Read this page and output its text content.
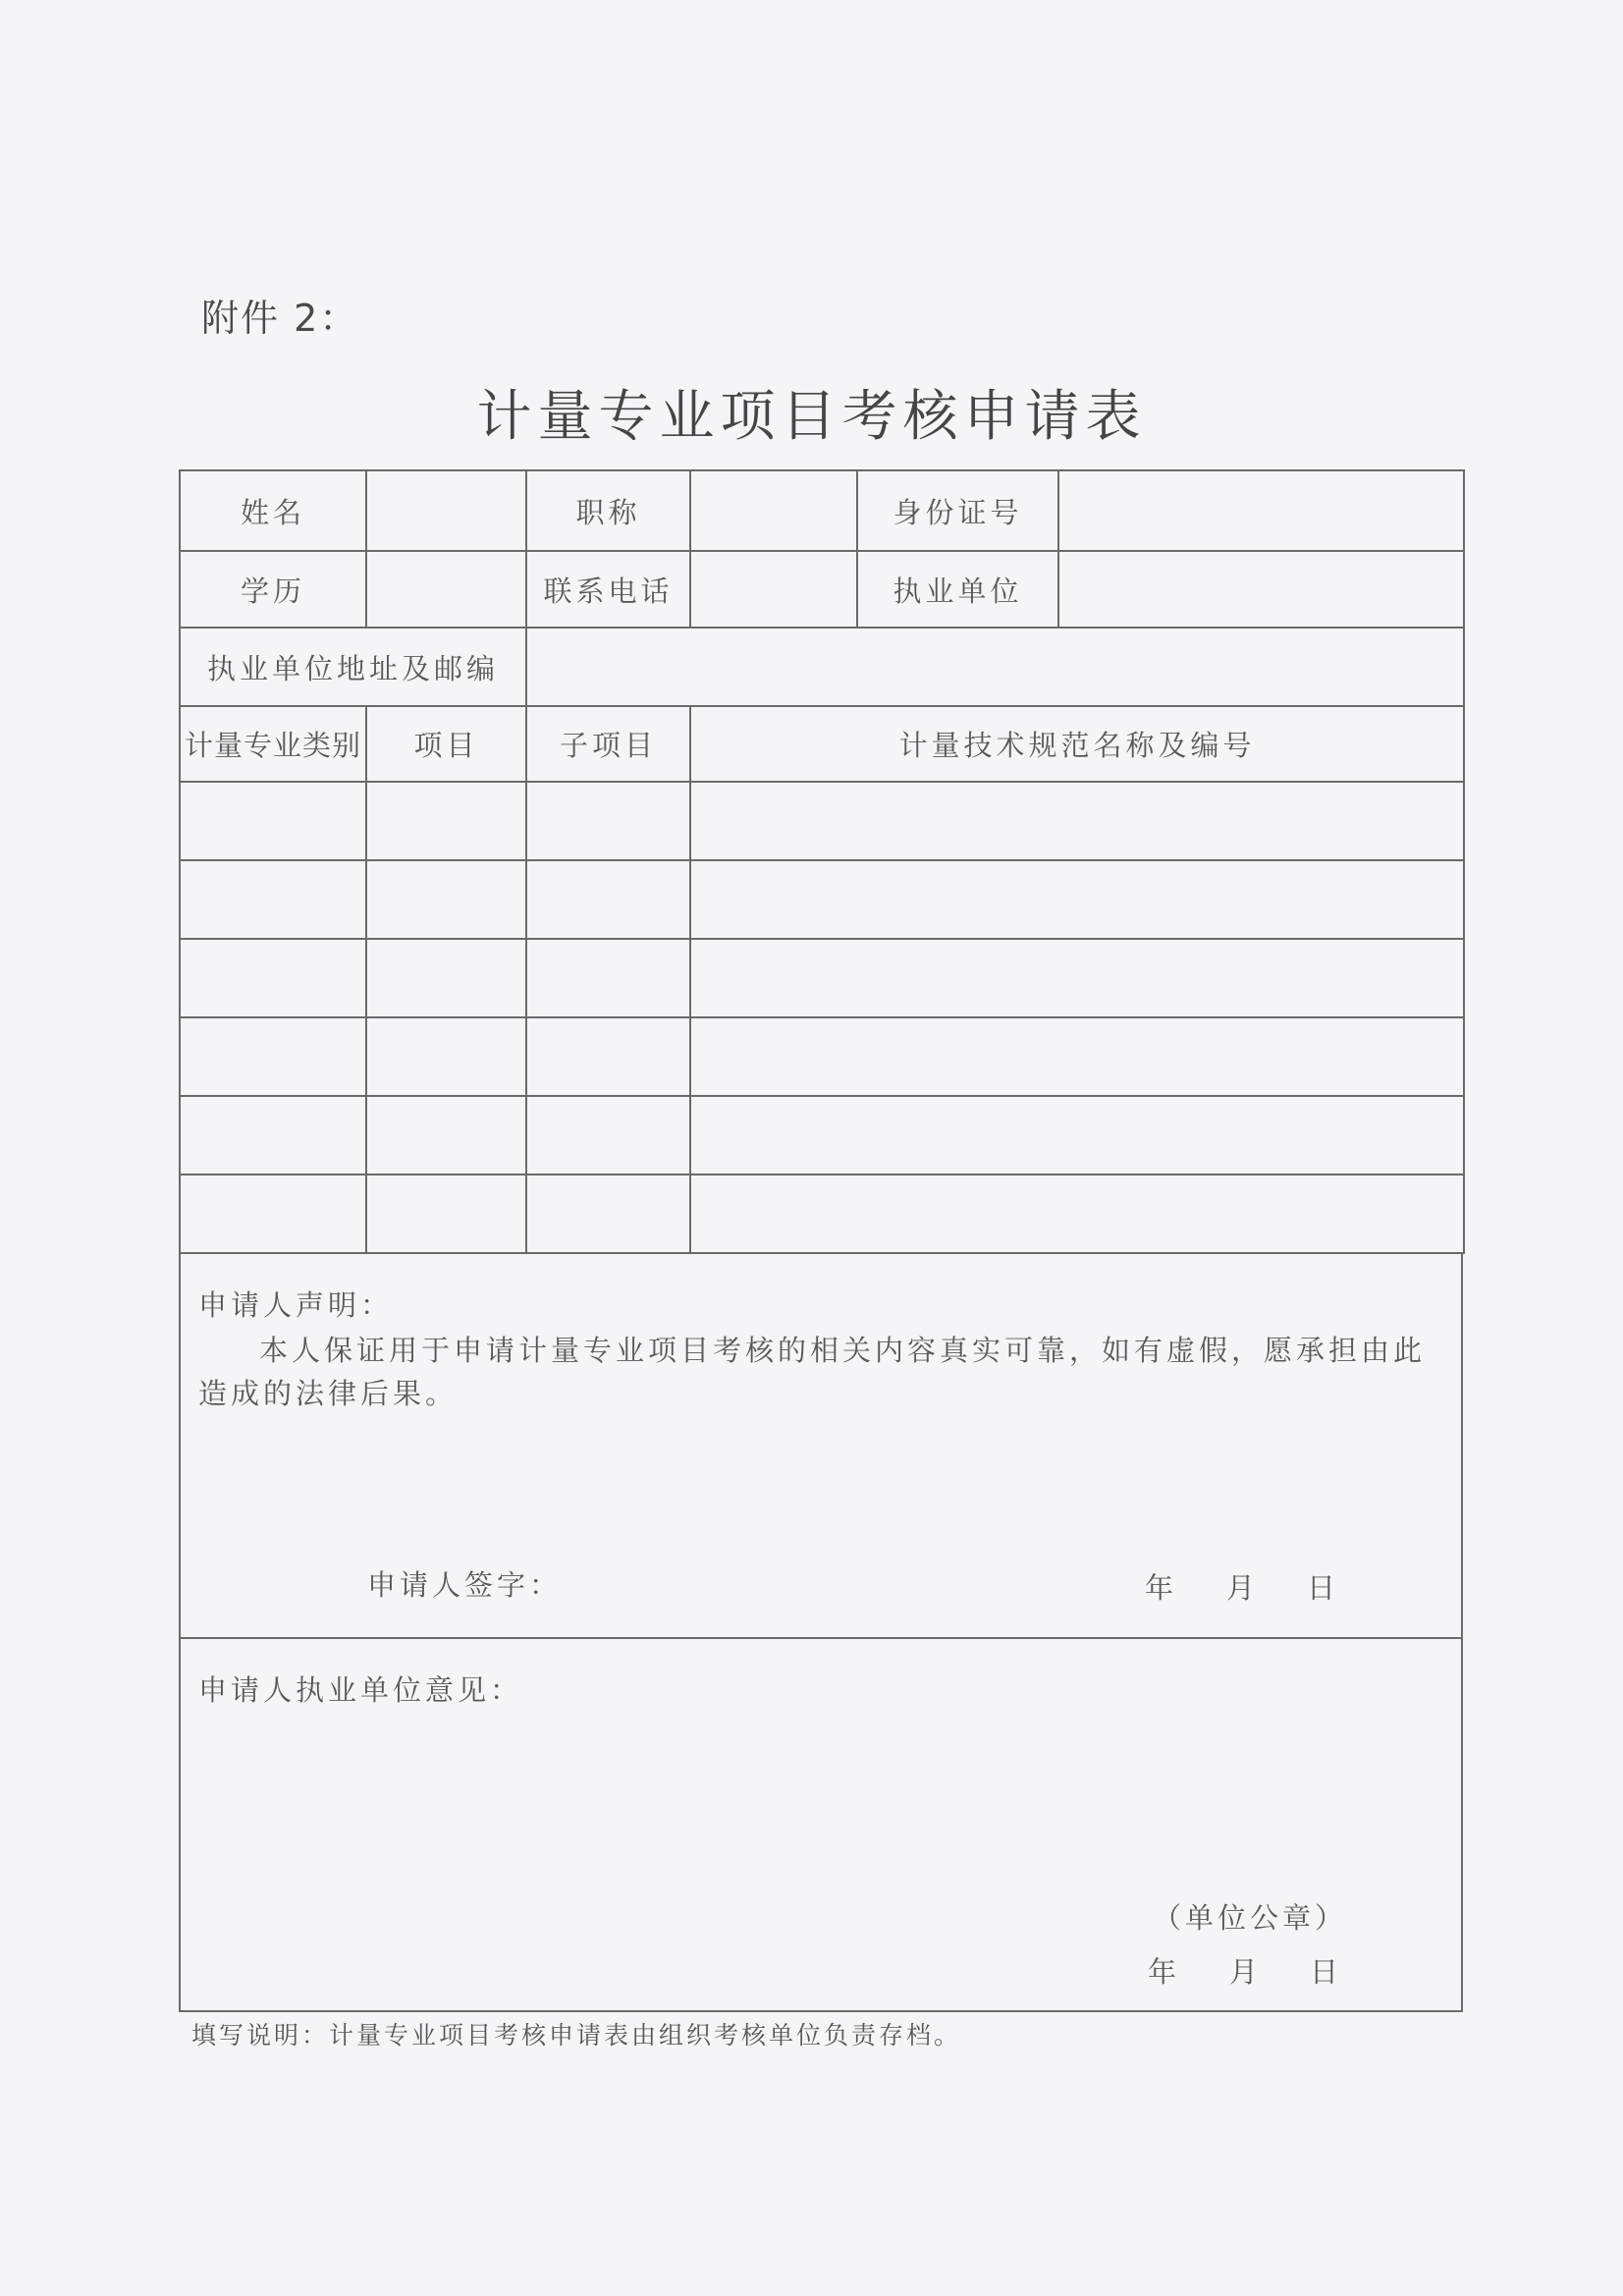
附件 2：
计量专业项目考核申请表
姓名		职称		身份证号	
学历		联系电话		执业单位	
执业单位地址及邮编					
计量专业类别	项目	子项目	计量技术规范名称及编号		

申请人声明：
本人保证用于申请计量专业项目考核的相关内容真实可靠，如有虚假，愿承担由此
造成的法律后果。
申请人签字：	年 月 日
申请人执业单位意见：
（单位公章）
年 月 日
填写说明：计量专业项目考核申请表由组织考核单位负责存档。
